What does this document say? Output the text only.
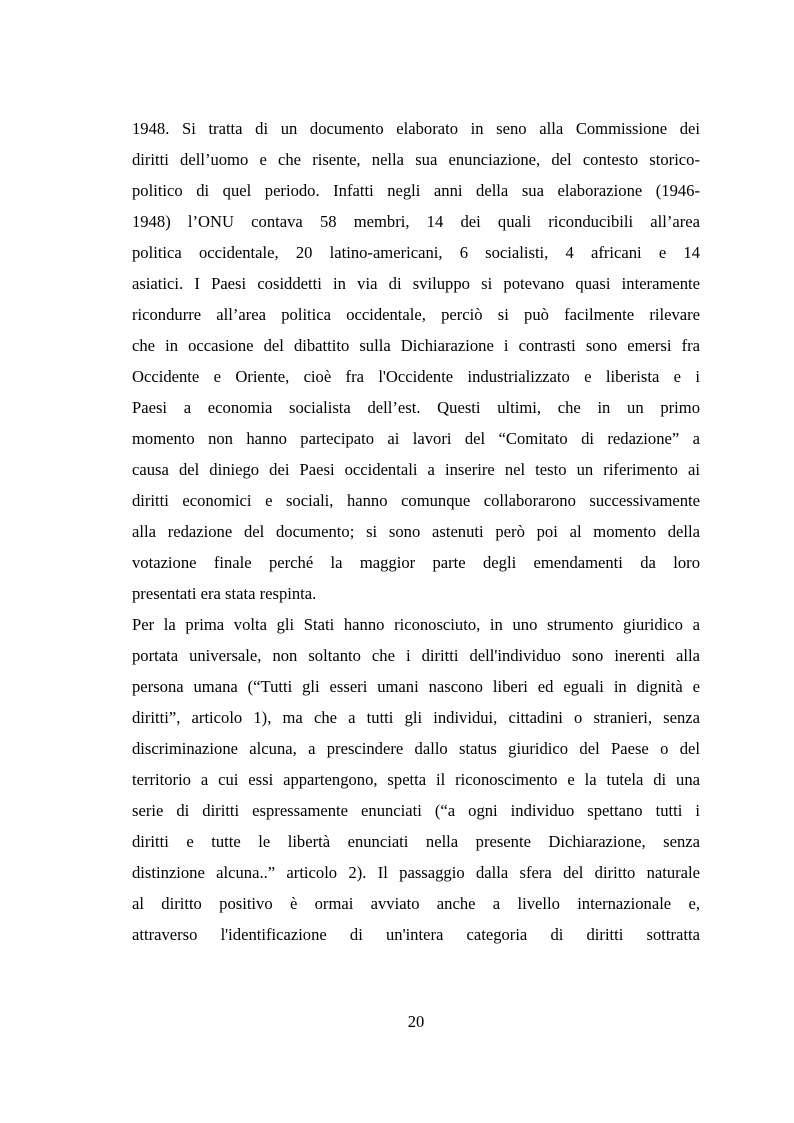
1948. Si tratta di un documento elaborato in seno alla Commissione dei
diritti dell’uomo e che risente, nella sua enunciazione, del contesto storico-
politico di quel periodo. Infatti negli anni della sua elaborazione (1946-
1948) l’ONU contava 58 membri, 14 dei quali riconducibili all’area
politica occidentale, 20 latino-americani, 6 socialisti, 4 africani e 14
asiatici. I Paesi cosiddetti in via di sviluppo si potevano quasi interamente
ricondurre all’area politica occidentale, perciò si può facilmente rilevare
che in occasione del dibattito sulla Dichiarazione i contrasti sono emersi fra
Occidente e Oriente, cioè fra l'Occidente industrializzato e liberista e i
Paesi a economia socialista dell’est. Questi ultimi, che in un primo
momento non hanno partecipato ai lavori del “Comitato di redazione” a
causa del diniego dei Paesi occidentali a inserire nel testo un riferimento ai
diritti economici e sociali, hanno comunque collaborarono successivamente
alla redazione del documento; si sono astenuti però poi al momento della
votazione finale perché la maggior parte degli emendamenti da loro
presentati era stata respinta.

Per la prima volta gli Stati hanno riconosciuto, in uno strumento giuridico a
portata universale, non soltanto che i diritti dell'individuo sono inerenti alla
persona umana (“Tutti gli esseri umani nascono liberi ed eguali in dignità e
diritti”, articolo 1), ma che a tutti gli individui, cittadini o stranieri, senza
discriminazione alcuna, a prescindere dallo status giuridico del Paese o del
territorio a cui essi appartengono, spetta il riconoscimento e la tutela di una
serie di diritti espressamente enunciati (“a ogni individuo spettano tutti i
diritti e tutte le libertà enunciati nella presente Dichiarazione, senza
distinzione alcuna..” articolo 2). Il passaggio dalla sfera del diritto naturale
al diritto positivo è ormai avviato anche a livello internazionale e,
attraverso l'identificazione di un'intera categoria di diritti sottratta

20
